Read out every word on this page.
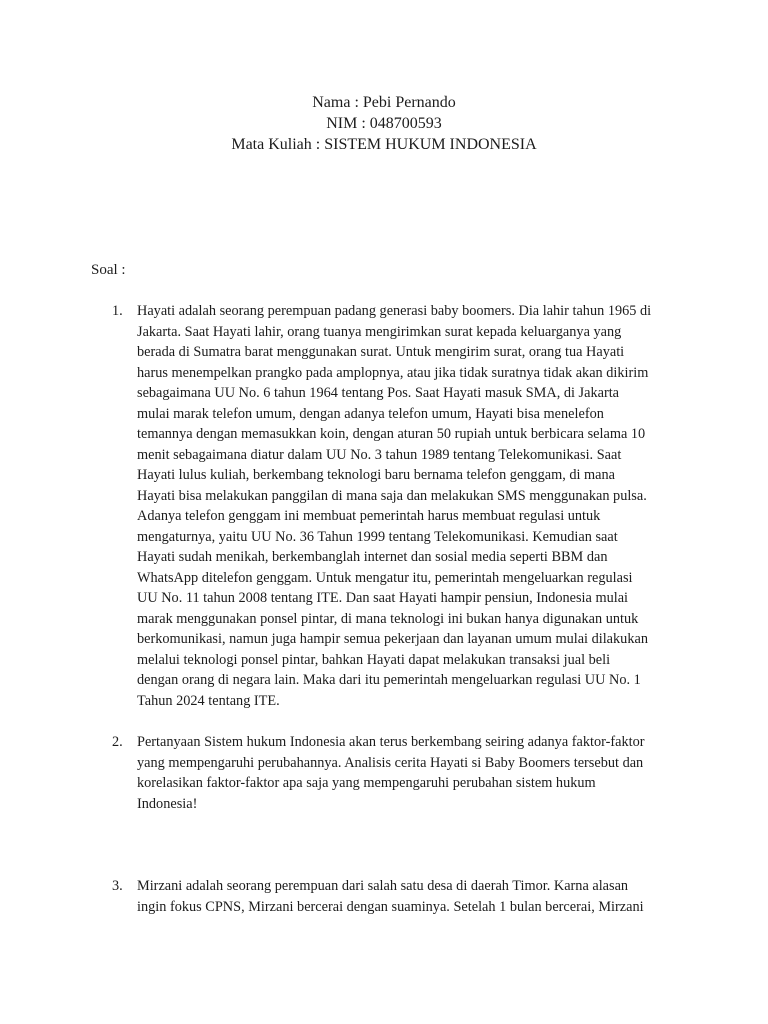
Nama : Pebi Pernando
NIM : 048700593
Mata Kuliah : SISTEM HUKUM INDONESIA
Soal :
1. Hayati adalah seorang perempuan padang generasi baby boomers. Dia lahir tahun 1965 di
Jakarta. Saat Hayati lahir, orang tuanya mengirimkan surat kepada keluarganya yang
berada di Sumatra barat menggunakan surat. Untuk mengirim surat, orang tua Hayati
harus menempelkan prangko pada amplopnya, atau jika tidak suratnya tidak akan dikirim
sebagaimana UU No. 6 tahun 1964 tentang Pos. Saat Hayati masuk SMA, di Jakarta
mulai marak telefon umum, dengan adanya telefon umum, Hayati bisa menelefon
temannya dengan memasukkan koin, dengan aturan 50 rupiah untuk berbicara selama 10
menit sebagaimana diatur dalam UU No. 3 tahun 1989 tentang Telekomunikasi. Saat
Hayati lulus kuliah, berkembang teknologi baru bernama telefon genggam, di mana
Hayati bisa melakukan panggilan di mana saja dan melakukan SMS menggunakan pulsa.
Adanya telefon genggam ini membuat pemerintah harus membuat regulasi untuk
mengaturnya, yaitu UU No. 36 Tahun 1999 tentang Telekomunikasi. Kemudian saat
Hayati sudah menikah, berkembanglah internet dan sosial media seperti BBM dan
WhatsApp ditelefon genggam. Untuk mengatur itu, pemerintah mengeluarkan regulasi
UU No. 11 tahun 2008 tentang ITE. Dan saat Hayati hampir pensiun, Indonesia mulai
marak menggunakan ponsel pintar, di mana teknologi ini bukan hanya digunakan untuk
berkomunikasi, namun juga hampir semua pekerjaan dan layanan umum mulai dilakukan
melalui teknologi ponsel pintar, bahkan Hayati dapat melakukan transaksi jual beli
dengan orang di negara lain. Maka dari itu pemerintah mengeluarkan regulasi UU No. 1
Tahun 2024 tentang ITE.
2. Pertanyaan Sistem hukum Indonesia akan terus berkembang seiring adanya faktor-faktor
yang mempengaruhi perubahannya. Analisis cerita Hayati si Baby Boomers tersebut dan
korelasikan faktor-faktor apa saja yang mempengaruhi perubahan sistem hukum
Indonesia!
3. Mirzani adalah seorang perempuan dari salah satu desa di daerah Timor. Karna alasan
ingin fokus CPNS, Mirzani bercerai dengan suaminya. Setelah 1 bulan bercerai, Mirzani
